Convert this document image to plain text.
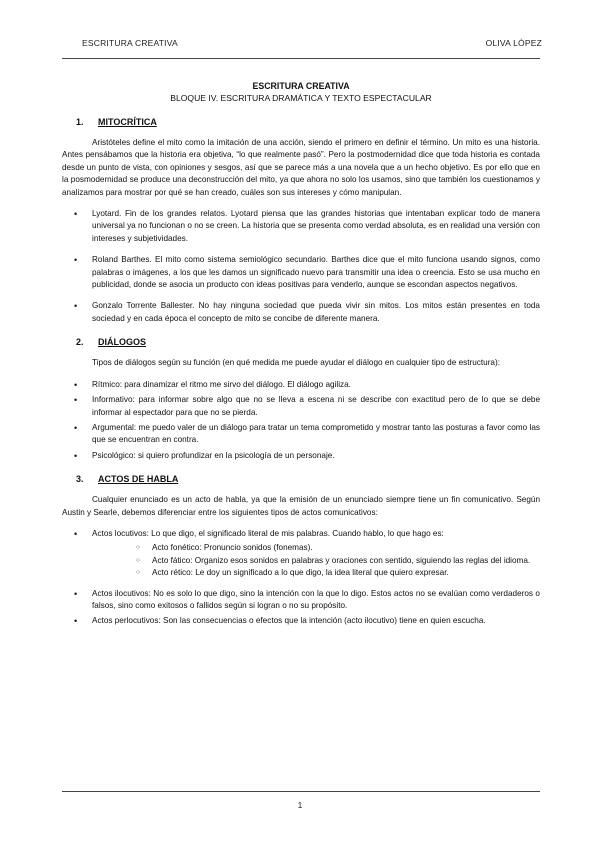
ESCRITURA CREATIVA	OLIVA LÓPEZ
ESCRITURA CREATIVA
BLOQUE IV. ESCRITURA DRAMÁTICA Y TEXTO ESPECTACULAR
1.	MITOCRÍTICA

Aristóteles define el mito como la imitación de una acción, siendo el primero en definir el término. Un mito es una historia. Antes pensábamos que la historia era objetiva, “lo que realmente pasó”. Pero la postmodernidad dice que toda historia es contada desde un punto de vista, con opiniones y sesgos, así que se parece más a una novela que a un hecho objetivo. Es por ello que en la posmodernidad se produce una deconstrucción del mito, ya que ahora no solo los usamos, sino que también los cuestionamos y analizamos para mostrar por qué se han creado, cuáles son sus intereses y cómo manipulan.

• Lyotard. Fin de los grandes relatos. Lyotard piensa que las grandes historias que intentaban explicar todo de manera universal ya no funcionan o no se creen. La historia que se presenta como verdad absoluta, es en realidad una versión con intereses y subjetividades.
• Roland Barthes. El mito como sistema semiológico secundario. Barthes dice que el mito funciona usando signos, como palabras o imágenes, a los que les damos un significado nuevo para transmitir una idea o creencia. Esto se usa mucho en publicidad, donde se asocia un producto con ideas positivas para venderlo, aunque se escondan aspectos negativos.
• Gonzalo Torrente Ballester. No hay ninguna sociedad que pueda vivir sin mitos. Los mitos están presentes en toda sociedad y en cada época el concepto de mito se concibe de diferente manera.
2.	DIÁLOGOS

Tipos de diálogos según su función (en qué medida me puede ayudar el diálogo en cualquier tipo de estructura):

• Rítmico: para dinamizar el ritmo me sirvo del diálogo. El diálogo agiliza.
• Informativo: para informar sobre algo que no se lleva a escena ni se describe con exactitud pero de lo que se debe informar al espectador para que no se pierda.
• Argumental: me puedo valer de un diálogo para tratar un tema comprometido y mostrar tanto las posturas a favor como las que se encuentran en contra.
• Psicológico: si quiero profundizar en la psicología de un personaje.
3.	ACTOS DE HABLA

Cualquier enunciado es un acto de habla, ya que la emisión de un enunciado siempre tiene un fin comunicativo. Según Austin y Searle, debemos diferenciar entre los siguientes tipos de actos comunicativos:

• Actos locutivos: Lo que digo, el significado literal de mis palabras. Cuando hablo, lo que hago es:
○ Acto fonético: Pronuncio sonidos (fonemas).
○ Acto fático: Organizo esos sonidos en palabras y oraciones con sentido, siguiendo las reglas del idioma.
○ Acto rético: Le doy un significado a lo que digo, la idea literal que quiero expresar.
• Actos ilocutivos: No es solo lo que digo, sino la intención con la que lo digo. Estos actos no se evalúan como verdaderos o falsos, sino como exitosos o fallidos según si logran o no su propósito.
• Actos perlocutivos: Son las consecuencias o efectos que la intención (acto ilocutivo) tiene en quien escucha.
1
